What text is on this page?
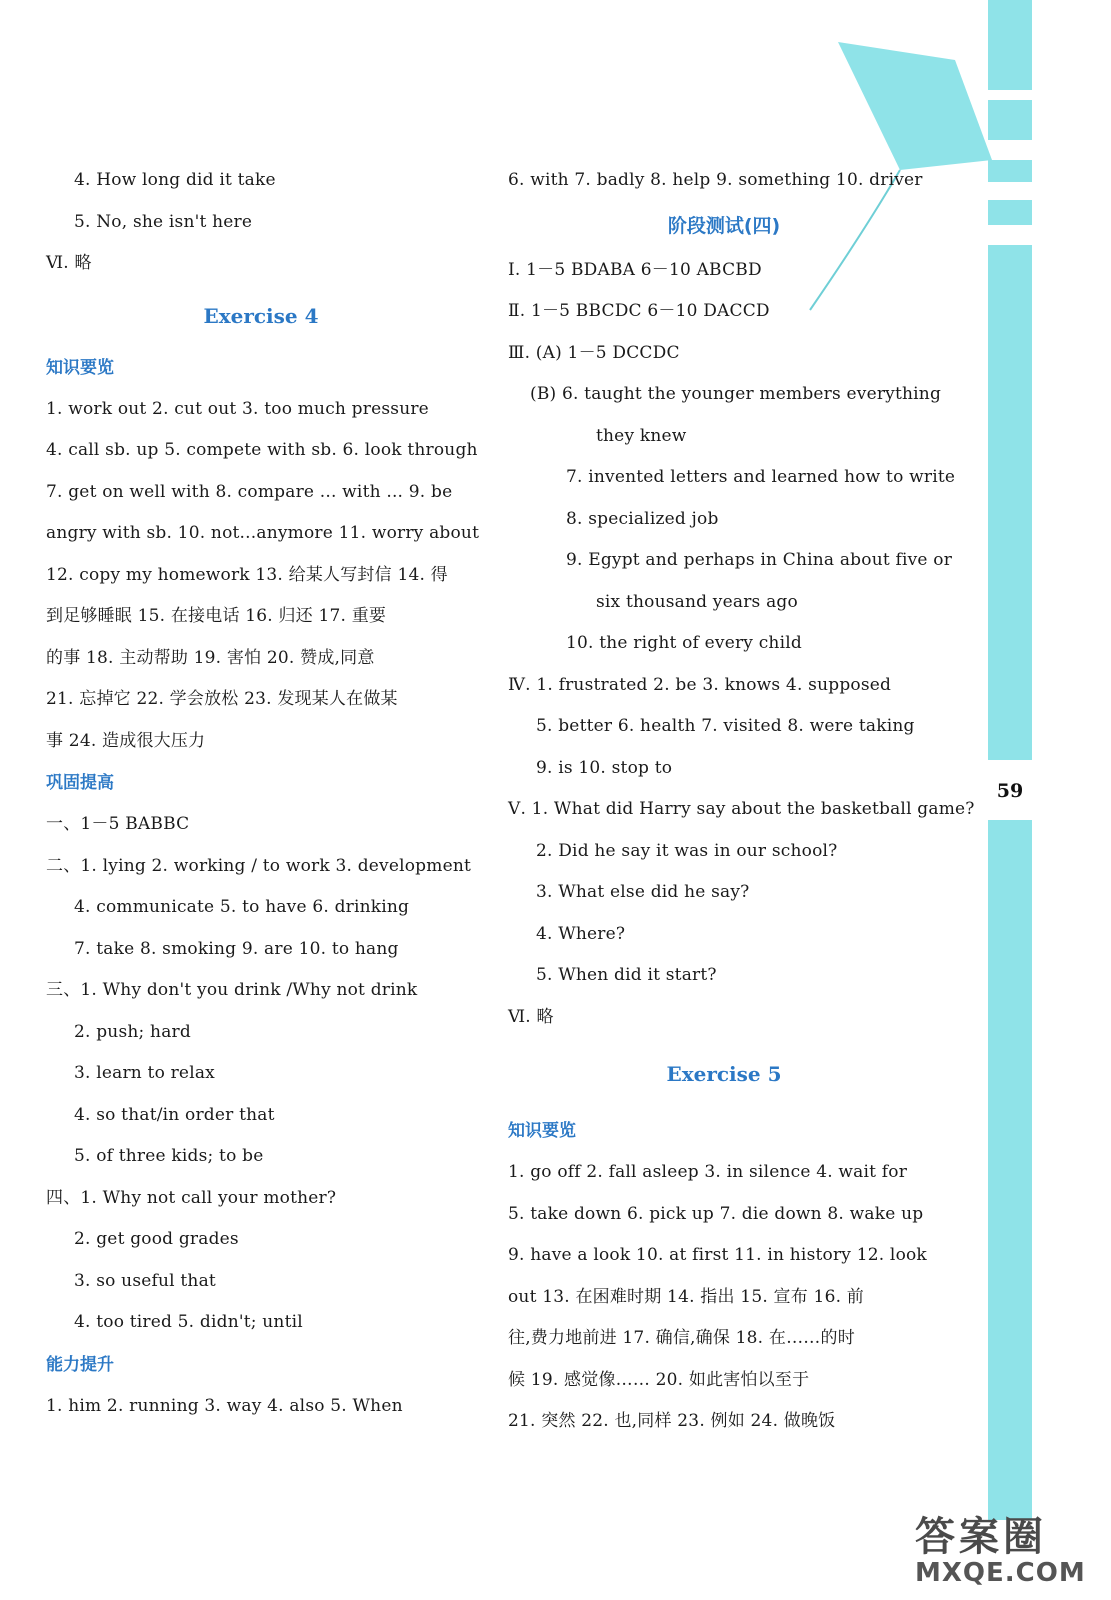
59
4. How long did it take
5. No, she isn't here
Ⅵ. 略
Exercise 4
知识要览
1. work out 2. cut out 3. too much pressure
4. call sb. up 5. compete with sb. 6. look through
7. get on well with 8. compare ... with ... 9. be
angry with sb. 10. not...anymore 11. worry about
12. copy my homework 13. 给某人写封信 14. 得
到足够睡眠 15. 在接电话 16. 归还 17. 重要
的事 18. 主动帮助 19. 害怕 20. 赞成,同意
21. 忘掉它 22. 学会放松 23. 发现某人在做某
事 24. 造成很大压力
巩固提高
一、1－5 BABBC
二、1. lying 2. working / to work 3. development
4. communicate 5. to have 6. drinking
7. take 8. smoking 9. are 10. to hang
三、1. Why don't you drink /Why not drink
2. push; hard
3. learn to relax
4. so that/in order that
5. of three kids; to be
四、1. Why not call your mother?
2. get good grades
3. so useful that
4. too tired 5. didn't; until
能力提升
1. him 2. running 3. way 4. also 5. When
6. with 7. badly 8. help 9. something 10. driver
阶段测试(四)
Ⅰ. 1－5 BDABA 6－10 ABCBD
Ⅱ. 1－5 BBCDC 6－10 DACCD
Ⅲ. (A) 1－5 DCCDC
(B) 6. taught the younger members everything
they knew
7. invented letters and learned how to write
8. specialized job
9. Egypt and perhaps in China about five or
six thousand years ago
10. the right of every child
Ⅳ. 1. frustrated 2. be 3. knows 4. supposed
5. better 6. health 7. visited 8. were taking
9. is 10. stop to
Ⅴ. 1. What did Harry say about the basketball game?
2. Did he say it was in our school?
3. What else did he say?
4. Where?
5. When did it start?
Ⅵ. 略
Exercise 5
知识要览
1. go off 2. fall asleep 3. in silence 4. wait for
5. take down 6. pick up 7. die down 8. wake up
9. have a look 10. at first 11. in history 12. look
out 13. 在困难时期 14. 指出 15. 宣布 16. 前
往,费力地前进 17. 确信,确保 18. 在……的时
候 19. 感觉像…… 20. 如此害怕以至于
21. 突然 22. 也,同样 23. 例如 24. 做晚饭
答案圈
MXQE.COM
